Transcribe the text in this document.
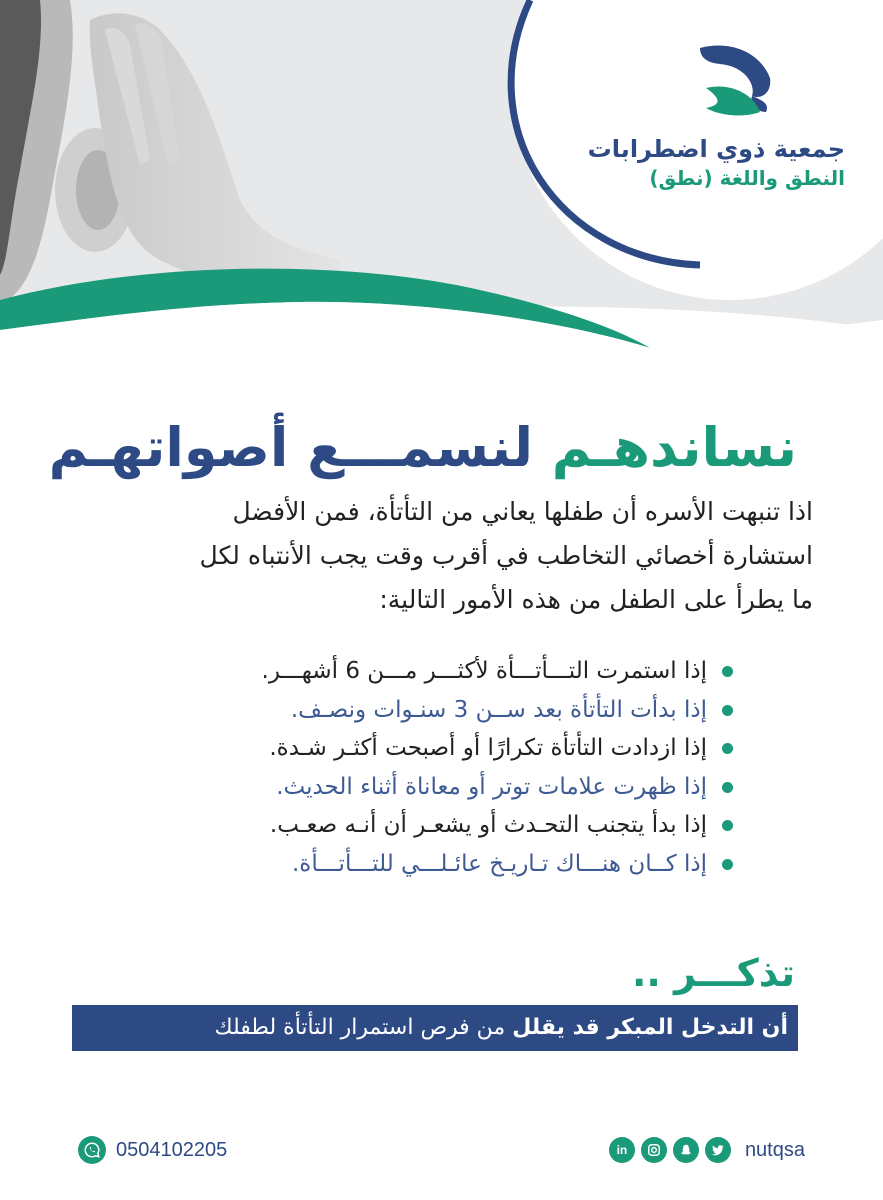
جمعية ذوي اضطرابات

النطق واللغة (نطق)

نساندهـم لنسمـــع أصواتهـم

اذا تنبهت الأسره أن طفلها يعاني من التأتأة، فمن الأفضل

استشارة أخصائي التخاطب في أقرب وقت يجب الأنتباه لكل

ما يطرأ على الطفل من هذه الأمور التالية:

إذا استمرت التـــأتـــأة لأكثـــر مـــن 6 أشهـــر.
إذا بدأت التأتأة بعد ســن 3 سنـوات ونصـف.
إذا ازدادت التأتأة تكرارًا أو أصبحت أكثـر شـدة.
إذا ظهرت علامات توتر أو معاناة أثناء الحديث.
إذا بدأ يتجنب التحـدث أو يشعـر أن أنـه صعـب.
إذا كــان هنـــاك تـاريـخ عائـلـــي للتـــأتـــأة.
تذكـــر ..
أن التدخل المبكر قد يقلل من فرص استمرار التأتأة لطفلك
0504102205	in	nutqsa
